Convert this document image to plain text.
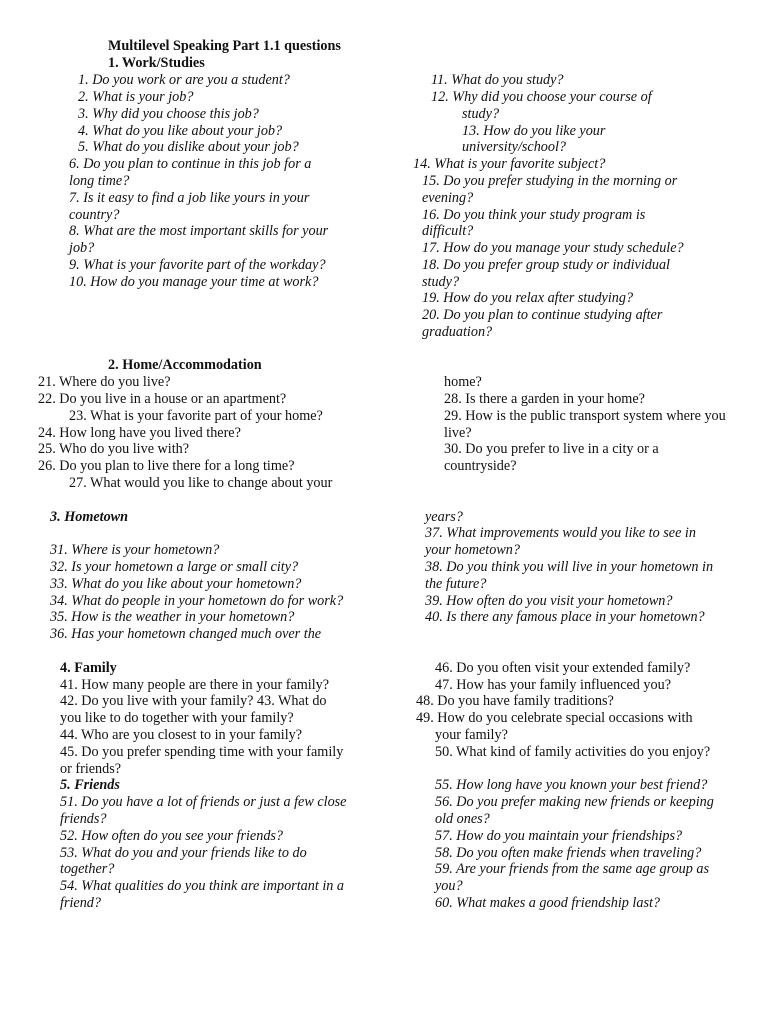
Multilevel Speaking Part 1.1 questions
1. Work/Studies
1. Do you work or are you a student?
2. What is your job?
3. Why did you choose this job?
4. What do you like about your job?
5. What do you dislike about your job?
6. Do you plan to continue in this job for a
long time?
7. Is it easy to find a job like yours in your
country?
8. What are the most important skills for your
job?
9. What is your favorite part of the workday?
10. How do you manage your time at work?
11. What do you study?
12. Why did you choose your course of
study?
13. How do you like your
university/school?
14. What is your favorite subject?
15. Do you prefer studying in the morning or
evening?
16. Do you think your study program is
difficult?
17. How do you manage your study schedule?
18. Do you prefer group study or individual
study?
19. How do you relax after studying?
20. Do you plan to continue studying after
graduation?
2. Home/Accommodation
21. Where do you live?
22. Do you live in a house or an apartment?
23. What is your favorite part of your home?
24. How long have you lived there?
25. Who do you live with?
26. Do you plan to live there for a long time?
27. What would you like to change about your
home?
28. Is there a garden in your home?
29. How is the public transport system where you
live?
30. Do you prefer to live in a city or a
countryside?
3. Hometown
31. Where is your hometown?
32. Is your hometown a large or small city?
33. What do you like about your hometown?
34. What do people in your hometown do for work?
35. How is the weather in your hometown?
36. Has your hometown changed much over the
years?
37. What improvements would you like to see in
your hometown?
38. Do you think you will live in your hometown in
the future?
39. How often do you visit your hometown?
40. Is there any famous place in your hometown?
4. Family
41. How many people are there in your family?
42. Do you live with your family? 43. What do
you like to do together with your family?
44. Who are you closest to in your family?
45. Do you prefer spending time with your family
or friends?
46. Do you often visit your extended family?
47. How has your family influenced you?
48. Do you have family traditions?
49. How do you celebrate special occasions with
your family?
50. What kind of family activities do you enjoy?
5. Friends
51. Do you have a lot of friends or just a few close
friends?
52. How often do you see your friends?
53. What do you and your friends like to do
together?
54. What qualities do you think are important in a
friend?
55. How long have you known your best friend?
56. Do you prefer making new friends or keeping
old ones?
57. How do you maintain your friendships?
58. Do you often make friends when traveling?
59. Are your friends from the same age group as
you?
60. What makes a good friendship last?
